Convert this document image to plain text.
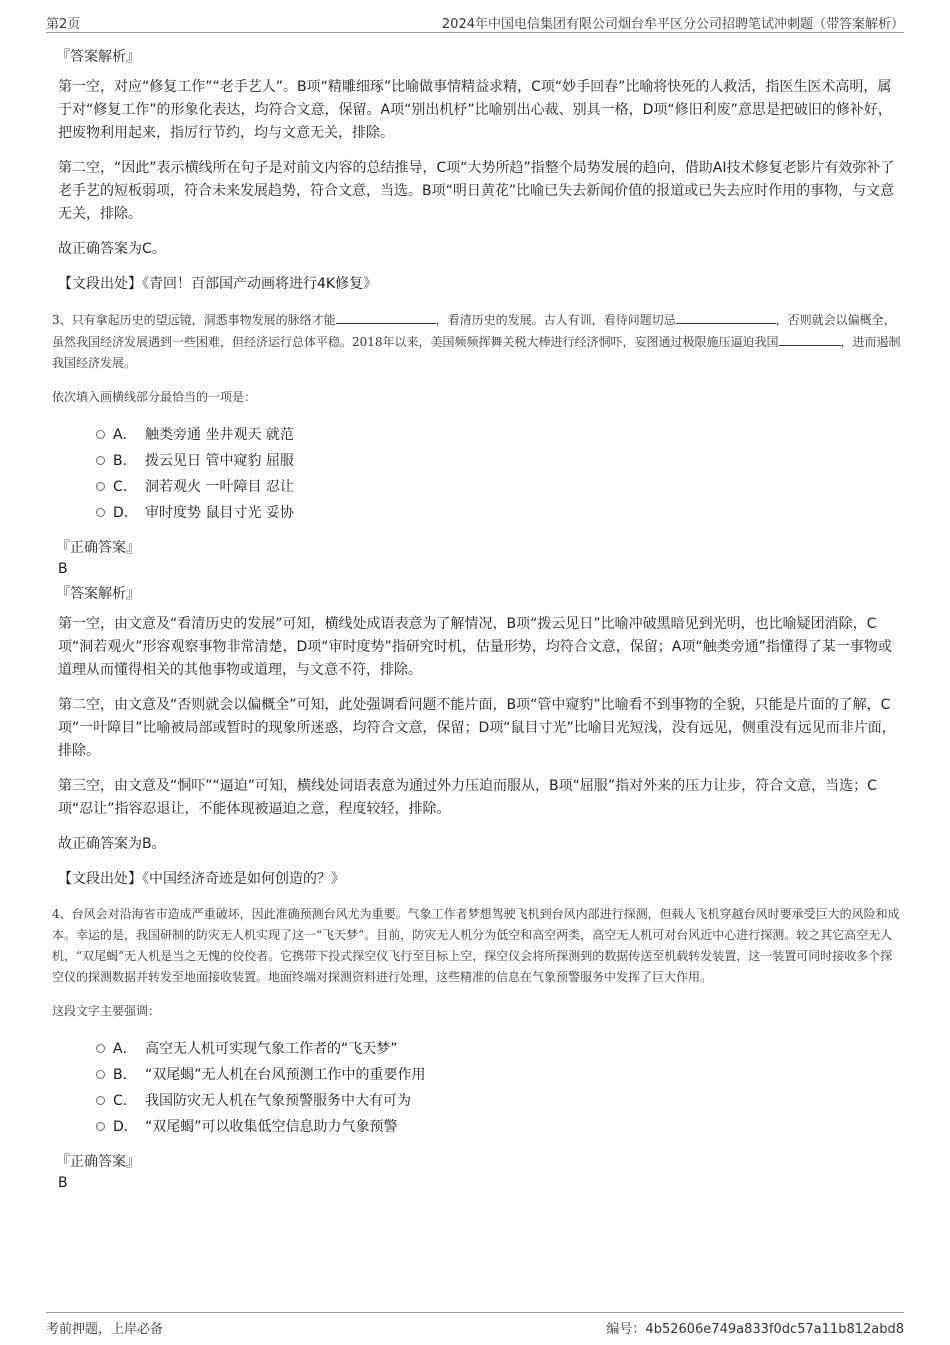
第2页	2024年中国电信集团有限公司烟台牟平区分公司招聘笔试冲刺题（带答案解析）
『答案解析』
第一空，对应“修复工作”“老手艺人”。B项“精雕细琢”比喻做事情精益求精，C项“妙手回春”比喻将快死的人救活，指医生医术高明，属于对“修复工作”的形象化表达，均符合文意，保留。A项“别出机杼”比喻别出心裁、别具一格，D项“修旧利废”意思是把破旧的修补好，把废物利用起来，指厉行节约，均与文意无关，排除。
第二空，“因此”表示横线所在句子是对前文内容的总结推导，C项“大势所趋”指整个局势发展的趋向，借助AI技术修复老影片有效弥补了老手艺的短板弱项，符合未来发展趋势，符合文意，当选。B项“明日黄花”比喻已失去新闻价值的报道或已失去应时作用的事物，与文意无关，排除。
故正确答案为C。
【文段出处】《青回！百部国产动画将进行4K修复》
3、只有拿起历史的望远镜，洞悉事物发展的脉络才能	，看清历史的发展。古人有训，看待问题切忌	，否则就会以偏概全，虽然我国经济发展遇到一些困难，但经济运行总体平稳。2018年以来，美国频频挥舞关税大棒进行经济恫吓，妄图通过极限施压逼迫我国	，进而遏制我国经济发展。
依次填入画横线部分最恰当的一项是：
A． 触类旁通 坐井观天 就范
B． 拨云见日 管中窥豹 屈服
C． 洞若观火 一叶障目 忍让
D． 审时度势 鼠目寸光 妥协
『正确答案』
B
『答案解析』
第一空，由文意及“看清历史的发展”可知，横线处成语表意为了解情况，B项“拨云见日”比喻冲破黑暗见到光明，也比喻疑团消除，C项“洞若观火”形容观察事物非常清楚，D项“审时度势”指研究时机，估量形势，均符合文意，保留；A项“触类旁通”指懂得了某一事物或道理从而懂得相关的其他事物或道理，与文意不符，排除。
第二空，由文意及“否则就会以偏概全”可知，此处强调看问题不能片面，B项“管中窥豹”比喻看不到事物的全貌，只能是片面的了解，C项“一叶障目”比喻被局部或暂时的现象所迷惑，均符合文意，保留；D项“鼠目寸光”比喻目光短浅，没有远见，侧重没有远见而非片面，排除。
第三空，由文意及“恫吓”“逼迫”可知，横线处词语表意为通过外力压迫而服从，B项“屈服”指对外来的压力让步，符合文意，当选；C项“忍让”指容忍退让，不能体现被逼迫之意，程度较轻，排除。
故正确答案为B。
【文段出处】《中国经济奇迹是如何创造的？》
4、台风会对沿海省市造成严重破坏，因此准确预测台风尤为重要。气象工作者梦想驾驶飞机到台风内部进行探测，但载人飞机穿越台风时要承受巨大的风险和成本。幸运的是，我国研制的防灾无人机实现了这一“飞天梦”。目前，防灾无人机分为低空和高空两类，高空无人机可对台风近中心进行探测。较之其它高空无人机，“双尾蝎”无人机是当之无愧的佼佼者。它携带下投式探空仪飞行至目标上空，探空仪会将所探测到的数据传送至机载转发装置，这一装置可同时接收多个探空仪的探测数据并转发至地面接收装置。地面终端对探测资料进行处理，这些精准的信息在气象预警服务中发挥了巨大作用。
这段文字主要强调：
A． 高空无人机可实现气象工作者的“飞天梦”
B． “双尾蝎”无人机在台风预测工作中的重要作用
C． 我国防灾无人机在气象预警服务中大有可为
D． “双尾蝎”可以收集低空信息助力气象预警
『正确答案』
B
考前押题，上岸必备	编号：4b52606e749a833f0dc57a11b812abd8
